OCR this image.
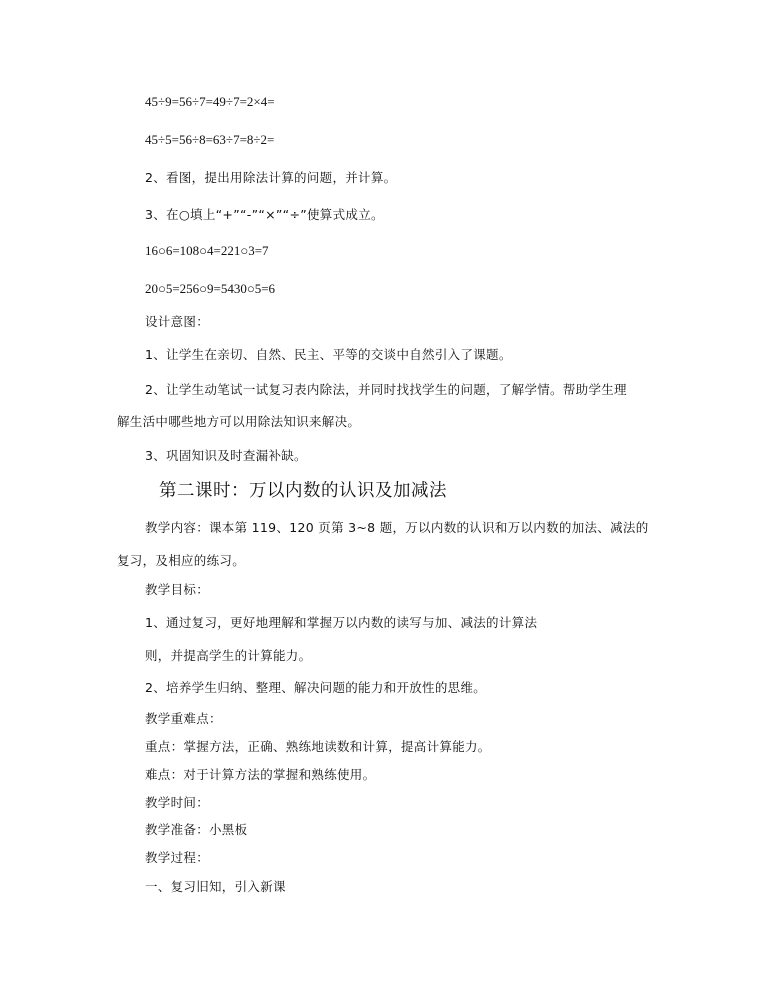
45÷9=56÷7=49÷7=2×4=
45÷5=56÷8=63÷7=8÷2=
2、看图，提出用除法计算的问题，并计算。
3、在○填上“+”“-”“×”“÷”使算式成立。
16○6=108○4=221○3=7
20○5=256○9=5430○5=6
设计意图：
1、让学生在亲切、自然、民主、平等的交谈中自然引入了课题。
2、让学生动笔试一试复习表内除法，并同时找找学生的问题，了解学情。帮助学生理
解生活中哪些地方可以用除法知识来解决。
3、巩固知识及时查漏补缺。
第二课时：万以内数的认识及加减法
教学内容：课本第 119、120 页第 3~8 题，万以内数的认识和万以内数的加法、减法的
复习，及相应的练习。
教学目标：
1、通过复习，更好地理解和掌握万以内数的读写与加、减法的计算法
则，并提高学生的计算能力。
2、培养学生归纳、整理、解决问题的能力和开放性的思维。
教学重难点：
重点：掌握方法，正确、熟练地读数和计算，提高计算能力。
难点：对于计算方法的掌握和熟练使用。
教学时间：
教学准备：小黑板
教学过程：
一、复习旧知，引入新课
